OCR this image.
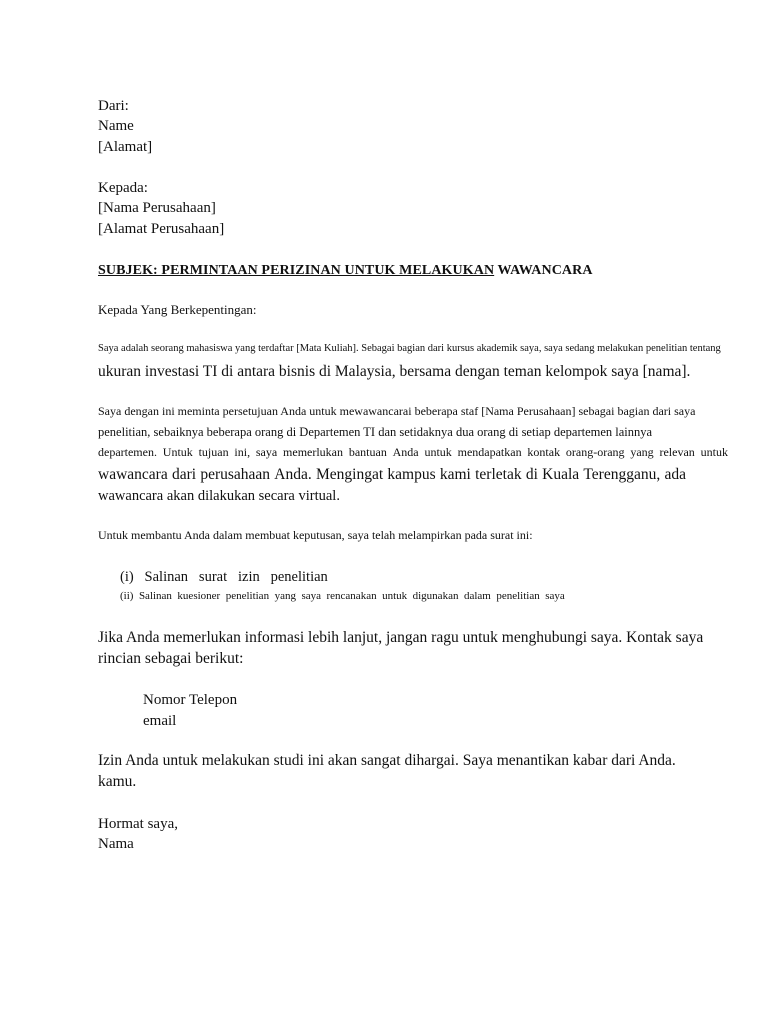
Dari:
Name
[Alamat]
Kepada:
[Nama Perusahaan]
[Alamat Perusahaan]
SUBJEK: PERMINTAAN PERIZINAN UNTUK MELAKUKAN WAWANCARA
Kepada Yang Berkepentingan:
Saya adalah seorang mahasiswa yang terdaftar [Mata Kuliah]. Sebagai bagian dari kursus akademik saya, saya sedang melakukan penelitian tentang
ukuran investasi TI di antara bisnis di Malaysia, bersama dengan teman kelompok saya [nama].
Saya dengan ini meminta persetujuan Anda untuk mewawancarai beberapa staf [Nama Perusahaan] sebagai bagian dari saya
penelitian, sebaiknya beberapa orang di Departemen TI dan setidaknya dua orang di setiap departemen lainnya
departemen. Untuk tujuan ini, saya memerlukan bantuan Anda untuk mendapatkan kontak orang-orang yang relevan untuk
wawancara dari perusahaan Anda. Mengingat kampus kami terletak di Kuala Terengganu, ada
wawancara akan dilakukan secara virtual.
Untuk membantu Anda dalam membuat keputusan, saya telah melampirkan pada surat ini:
(i)   Salinan   surat   izin   penelitian
(ii)  Salinan  kuesioner  penelitian  yang  saya  rencanakan  untuk  digunakan  dalam  penelitian  saya
Jika Anda memerlukan informasi lebih lanjut, jangan ragu untuk menghubungi saya. Kontak saya
rincian sebagai berikut:
Nomor Telepon
email
Izin Anda untuk melakukan studi ini akan sangat dihargai. Saya menantikan kabar dari Anda.
kamu.
Hormat saya,
Nama
